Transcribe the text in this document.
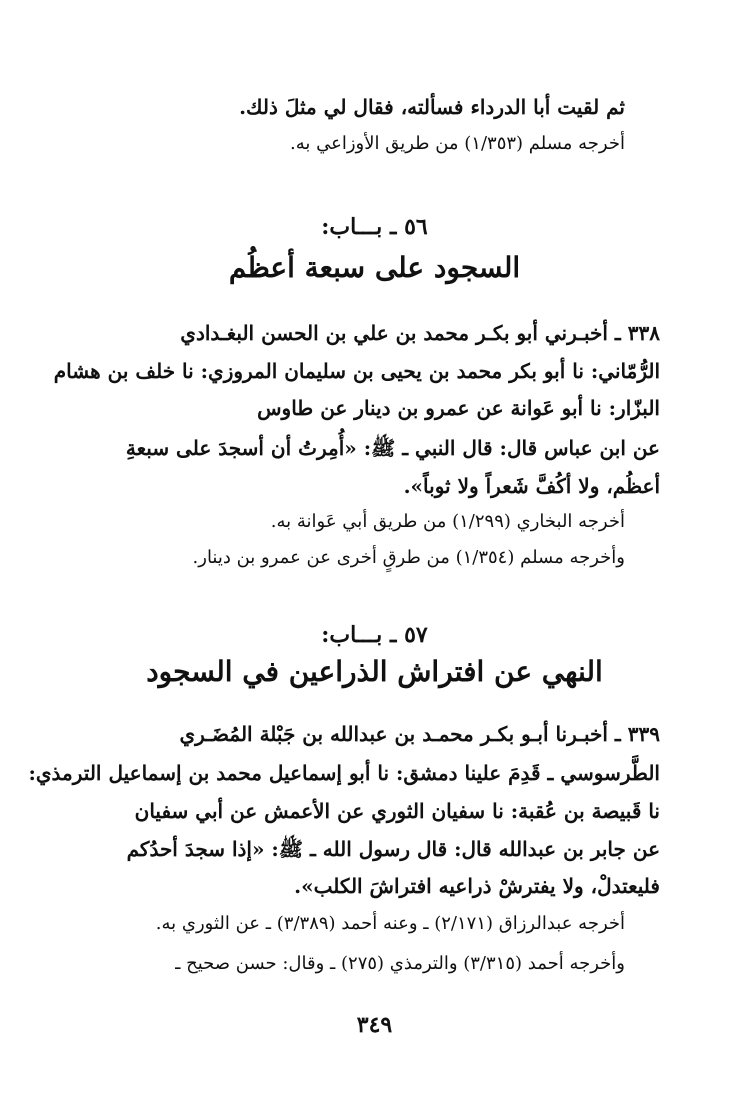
ثم لقيت أبا الدرداء فسألته، فقال لي مثلَ ذلك.
أخرجه مسلم (١/٣٥٣) من طريق الأوزاعي به.
٥٦ ـ بـــاب:
السجود على سبعة أعظُم
٣٣٨ ـ أخبـرني أبو بكـر محمد بن علي بن الحسن البغـدادي
الرُّمّاني: نا أبو بكر محمد بن يحيى بن سليمان المروزي: نا خلف بن هشام
البزّار: نا أبو عَوانة عن عمرو بن دينار عن طاوس
عن ابن عباس قال: قال النبي ـ ﷺ: «أُمِرتُ أن أسجدَ على سبعةِ
أعظُم، ولا أكُفَّ شَعراً ولا ثوباً».
أخرجه البخاري (١/٢٩٩) من طريق أبي عَوانة به.
وأخرجه مسلم (١/٣٥٤) من طرقٍ أخرى عن عمرو بن دينار.
٥٧ ـ بـــاب:
النهي عن افتراش الذراعين في السجود
٣٣٩ ـ أخبـرنا أبـو بكـر محمـد بن عبدالله بن جَبْلة المُضَـري
الطَّرسوسي ـ قَدِمَ علينا دمشق: نا أبو إسماعيل محمد بن إسماعيل الترمذي:
نا قَبيصة بن عُقبة: نا سفيان الثوري عن الأعمش عن أبي سفيان
عن جابر بن عبدالله قال: قال رسول الله ـ ﷺ: «إذا سجدَ أحدُكم
فليعتدلْ، ولا يفترشْ ذراعيه افتراشَ الكلب».
أخرجه عبدالرزاق (٢/١٧١) ـ وعنه أحمد (٣/٣٨٩) ـ عن الثوري به.
وأخرجه أحمد (٣/٣١٥) والترمذي (٢٧٥) ـ وقال: حسن صحيح ـ
٣٤٩
